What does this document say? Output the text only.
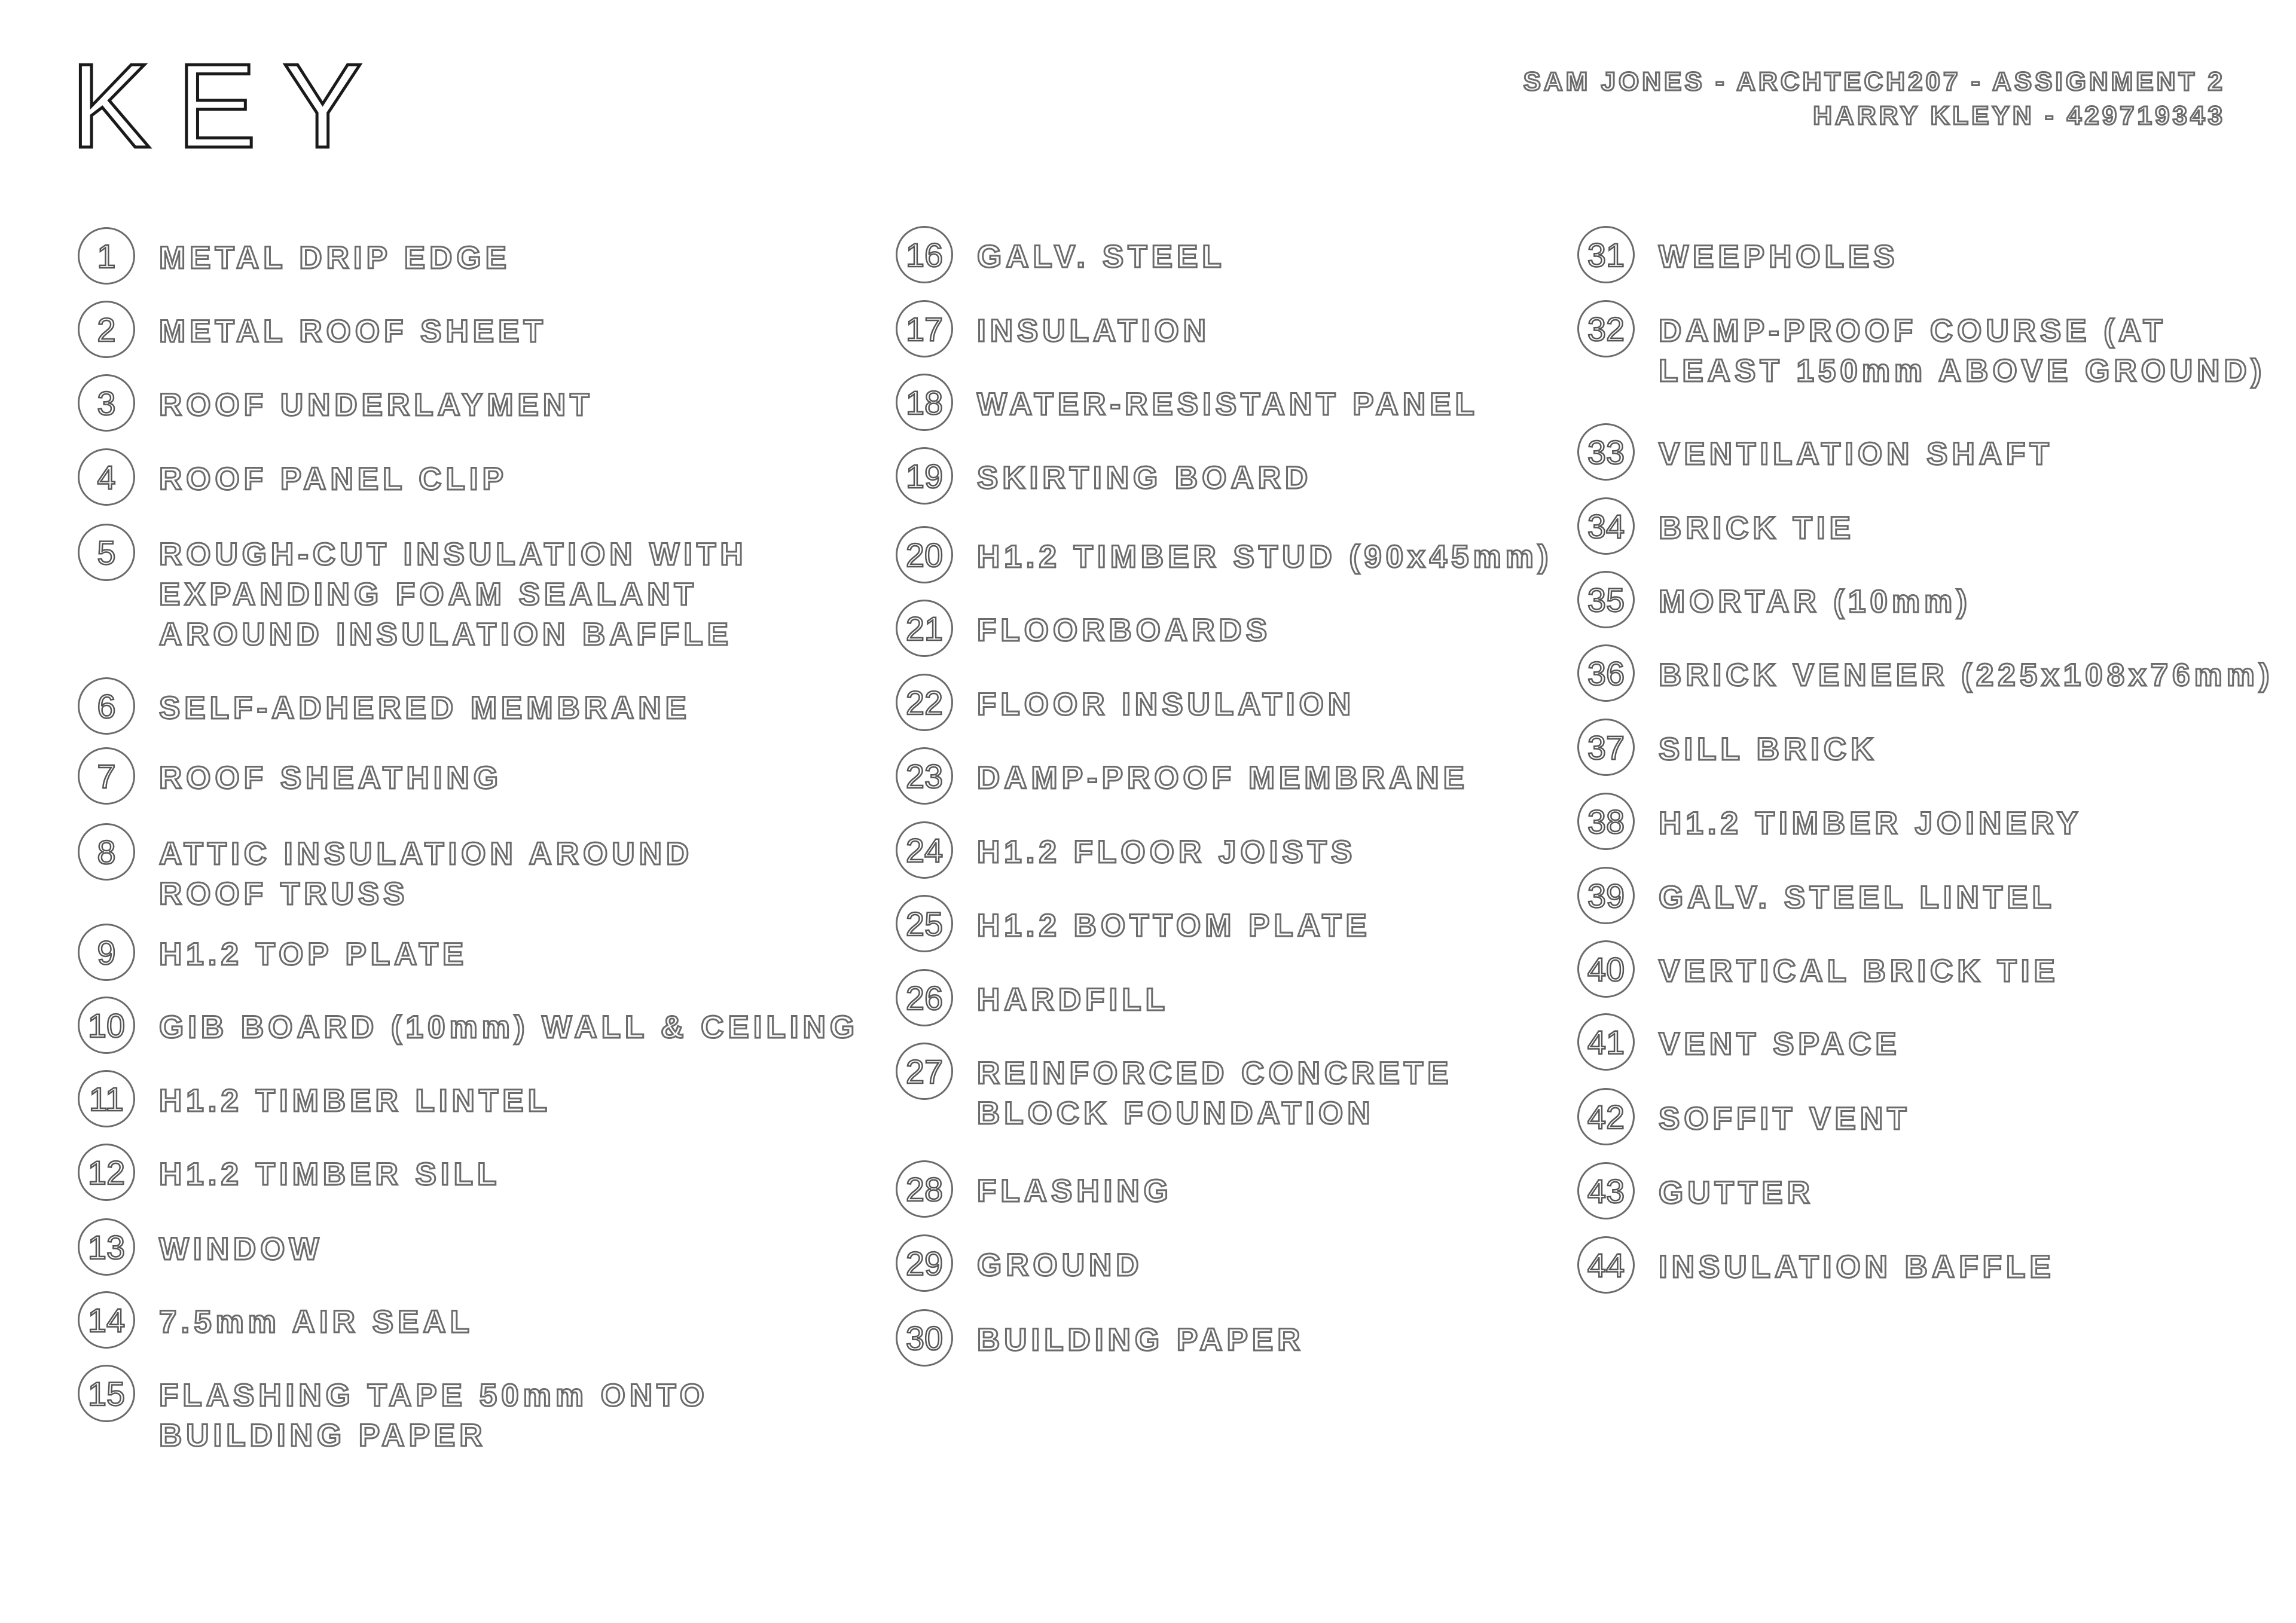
KEY	SAM JONES - ARCHTECH207 - ASSIGNMENT 2
HARRY KLEYN - 429719343
1	METAL DRIP EDGE
2	METAL ROOF SHEET
3	ROOF UNDERLAYMENT
4	ROOF PANEL CLIP
5	ROUGH-CUT INSULATION WITH
EXPANDING FOAM SEALANT
AROUND INSULATION BAFFLE
6	SELF-ADHERED MEMBRANE
7	ROOF SHEATHING
8	ATTIC INSULATION AROUND
ROOF TRUSS
9	H1.2 TOP PLATE
10	GIB BOARD (10mm) WALL & CEILING
11	H1.2 TIMBER LINTEL
12	H1.2 TIMBER SILL
13	WINDOW
14	7.5mm AIR SEAL
15	FLASHING TAPE 50mm ONTO
BUILDING PAPER
16	GALV. STEEL
17	INSULATION
18	WATER-RESISTANT PANEL
19	SKIRTING BOARD
20	H1.2 TIMBER STUD (90x45mm)
21	FLOORBOARDS
22	FLOOR INSULATION
23	DAMP-PROOF MEMBRANE
24	H1.2 FLOOR JOISTS
25	H1.2 BOTTOM PLATE
26	HARDFILL
27	REINFORCED CONCRETE
BLOCK FOUNDATION
28	FLASHING
29	GROUND
30	BUILDING PAPER
31	WEEPHOLES
32	DAMP-PROOF COURSE (AT
LEAST 150mm ABOVE GROUND)
33	VENTILATION SHAFT
34	BRICK TIE
35	MORTAR (10mm)
36	BRICK VENEER (225x108x76mm)
37	SILL BRICK
38	H1.2 TIMBER JOINERY
39	GALV. STEEL LINTEL
40	VERTICAL BRICK TIE
41	VENT SPACE
42	SOFFIT VENT
43	GUTTER
44	INSULATION BAFFLE
